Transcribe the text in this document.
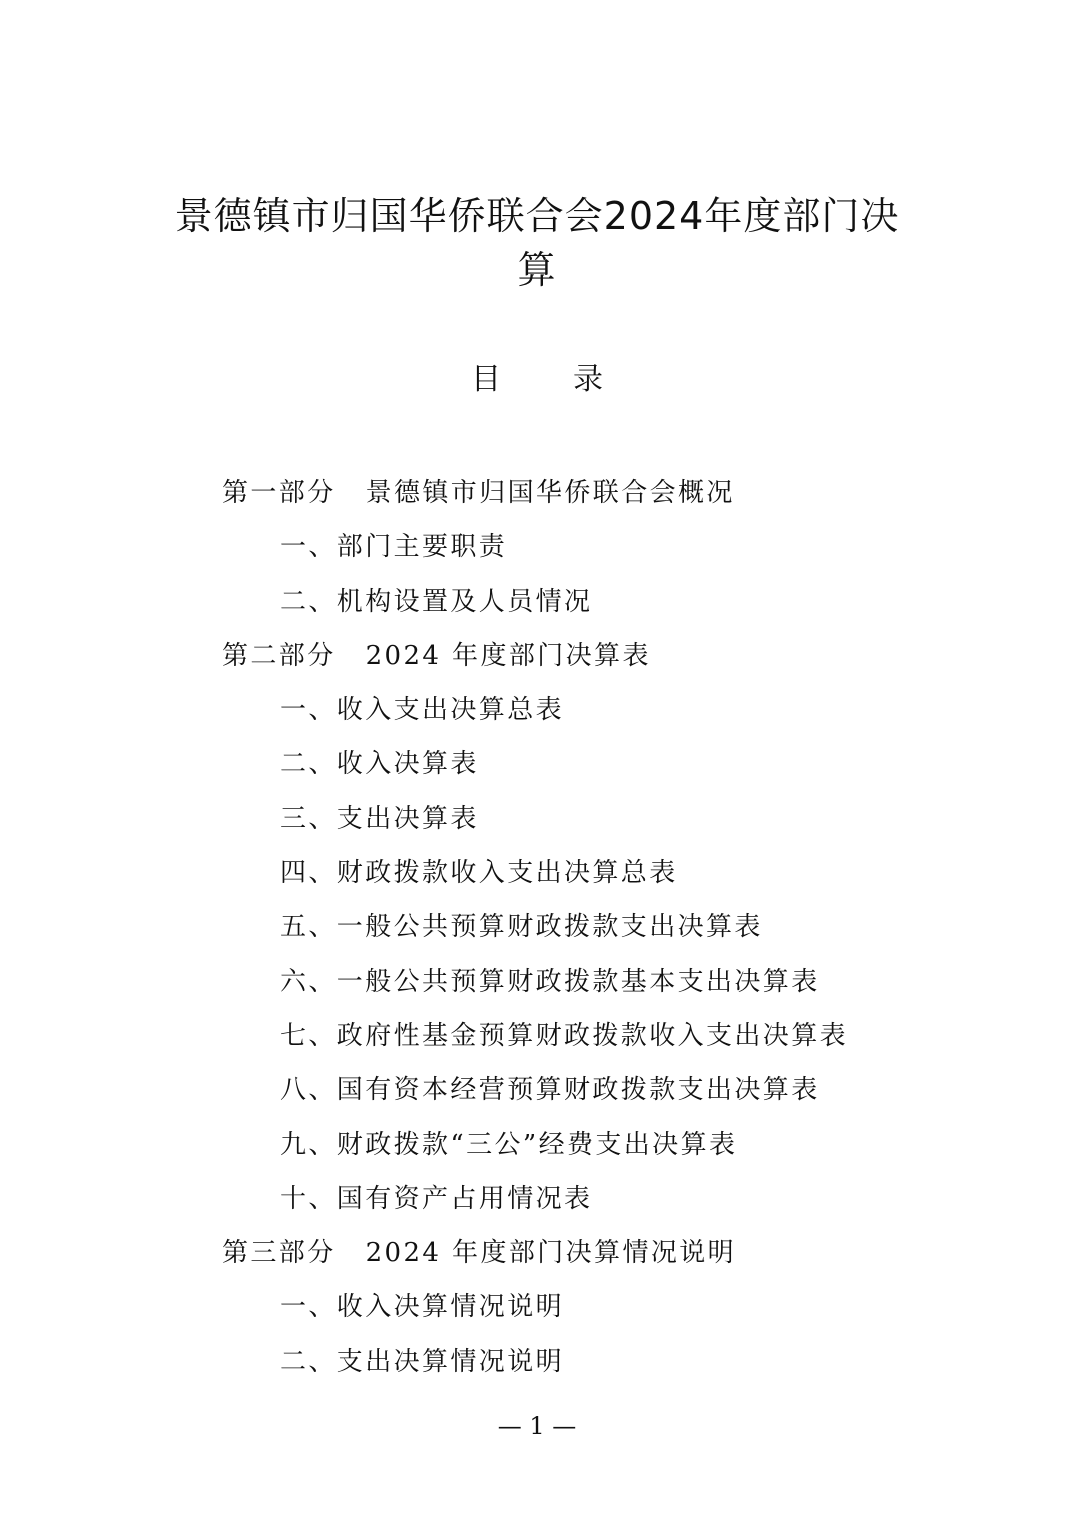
景德镇市归国华侨联合会2024年度部门决
算
目 录
第一部分 景德镇市归国华侨联合会概况
一、部门主要职责
二、机构设置及人员情况
第二部分 2024 年度部门决算表
一、收入支出决算总表
二、收入决算表
三、支出决算表
四、财政拨款收入支出决算总表
五、一般公共预算财政拨款支出决算表
六、一般公共预算财政拨款基本支出决算表
七、政府性基金预算财政拨款收入支出决算表
八、国有资本经营预算财政拨款支出决算表
九、财政拨款“三公”经费支出决算表
十、国有资产占用情况表
第三部分 2024 年度部门决算情况说明
一、收入决算情况说明
二、支出决算情况说明
— 1 —
